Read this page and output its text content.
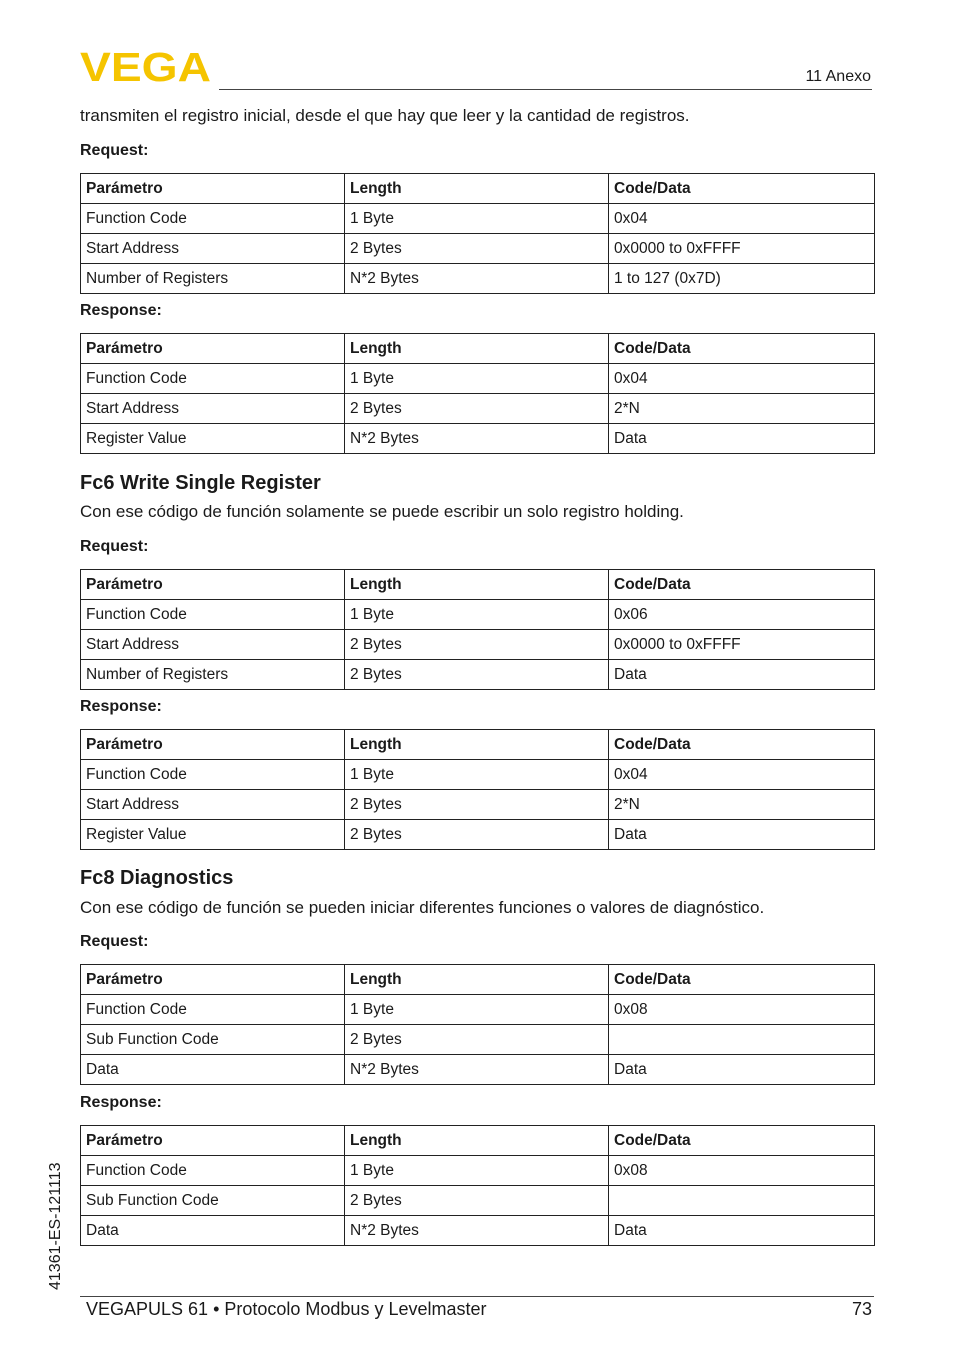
VEGA	11 Anexo
transmiten el registro inicial, desde el que hay que leer y la cantidad de registros.
Request:
Parámetro	Length	Code/Data
Function Code	1 Byte	0x04
Start Address	2 Bytes	0x0000 to 0xFFFF
Number of Registers	N*2 Bytes	1 to 127 (0x7D)
Response:
Parámetro	Length	Code/Data
Function Code	1 Byte	0x04
Start Address	2 Bytes	2*N
Register Value	N*2 Bytes	Data
Fc6 Write Single Register
Con ese código de función solamente se puede escribir un solo registro holding.
Request:
Parámetro	Length	Code/Data
Function Code	1 Byte	0x06
Start Address	2 Bytes	0x0000 to 0xFFFF
Number of Registers	2 Bytes	Data
Response:
Parámetro	Length	Code/Data
Function Code	1 Byte	0x04
Start Address	2 Bytes	2*N
Register Value	2 Bytes	Data
Fc8 Diagnostics
Con ese código de función se pueden iniciar diferentes funciones o valores de diagnóstico.
Request:
Parámetro	Length	Code/Data
Function Code	1 Byte	0x08
Sub Function Code	2 Bytes	
Data	N*2 Bytes	Data
Response:
Parámetro	Length	Code/Data
Function Code	1 Byte	0x08
Sub Function Code	2 Bytes	
Data	N*2 Bytes	Data
41361-ES-121113
VEGAPULS 61 • Protocolo Modbus y Levelmaster	73
